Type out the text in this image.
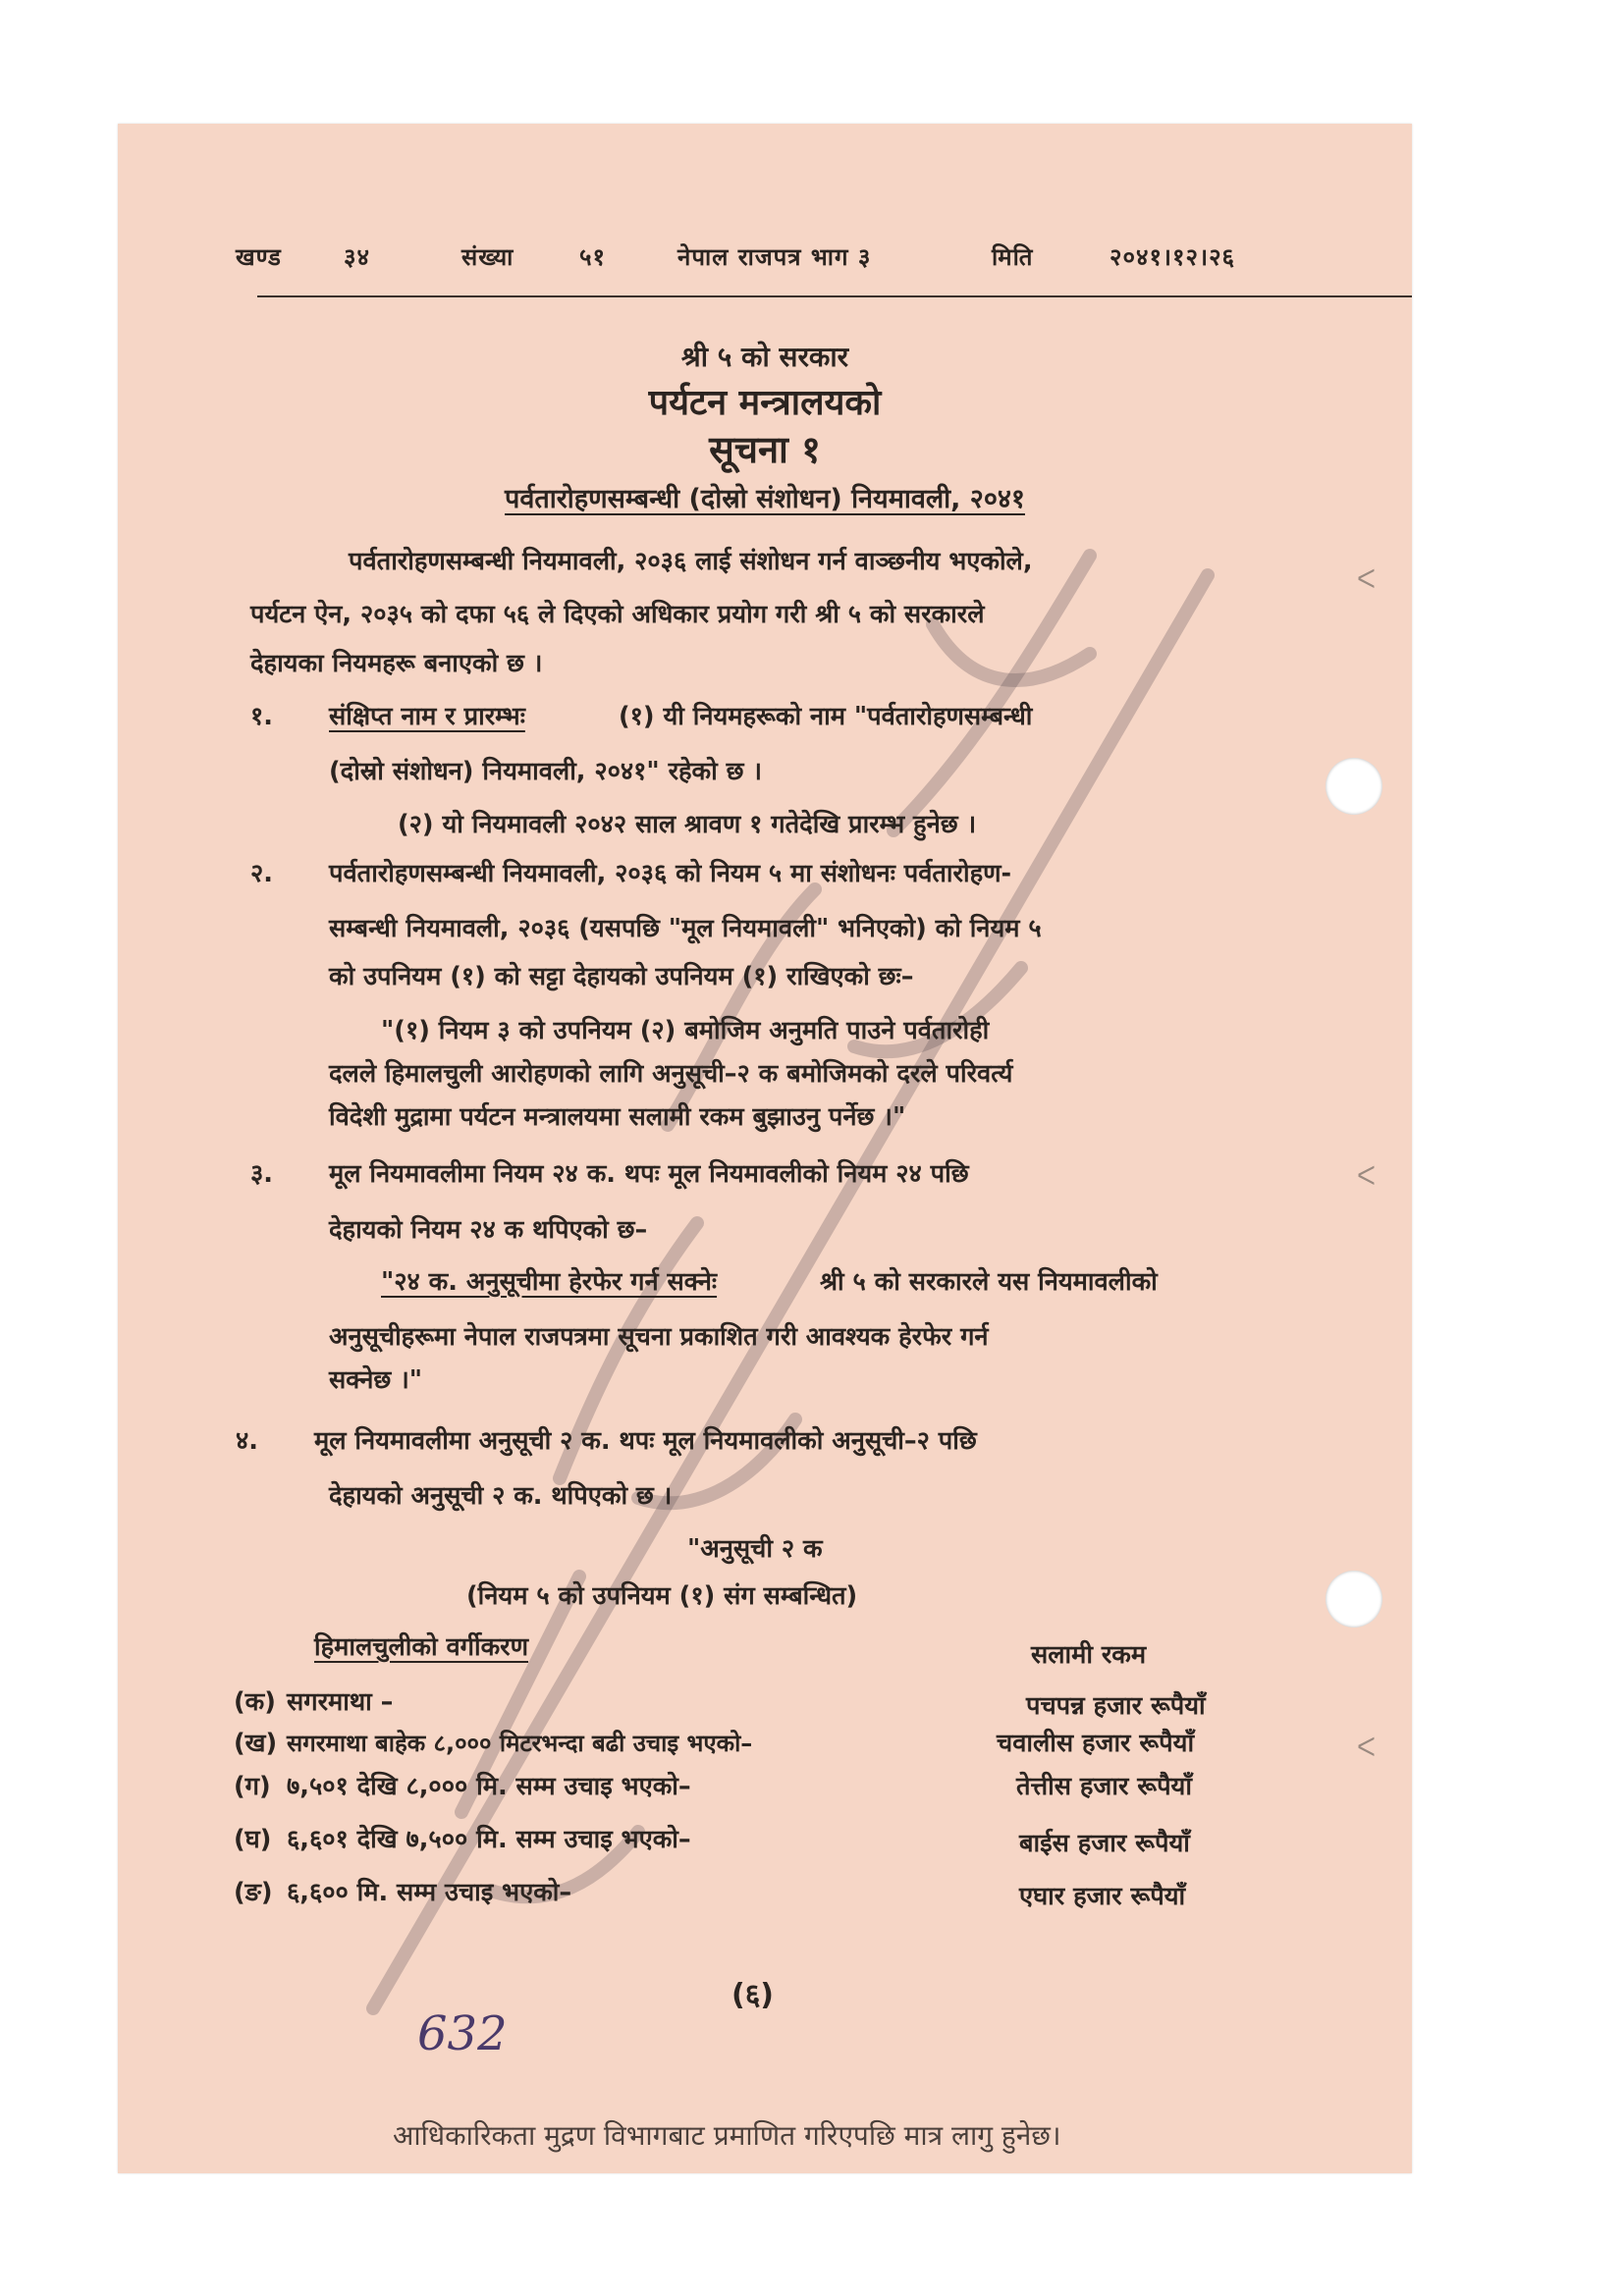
खण्ड	३४	संख्या	५१	नेपाल राजपत्र भाग ३	मिति	२०४१।१२।२६
श्री ५ को सरकार
पर्यटन मन्त्रालयको
सूचना १
पर्वतारोहणसम्बन्धी (दोस्रो संशोधन) नियमावली, २०४१
पर्वतारोहणसम्बन्धी नियमावली, २०३६ लाई संशोधन गर्न वाञ्छनीय भएकोले,
पर्यटन ऐन, २०३५ को दफा ५६ ले दिएको अधिकार प्रयोग गरी श्री ५ को सरकारले
देहायका नियमहरू बनाएको छ ।
१. संक्षिप्त नाम र प्रारम्भः	(१) यी नियमहरूको नाम "पर्वतारोहणसम्बन्धी
(दोस्रो संशोधन) नियमावली, २०४१" रहेको छ ।
(२) यो नियमावली २०४२ साल श्रावण १ गतेदेखि प्रारम्भ हुनेछ ।
२. पर्वतारोहणसम्बन्धी नियमावली, २०३६ को नियम ५ मा संशोधनः पर्वतारोहण-
सम्बन्धी नियमावली, २०३६ (यसपछि "मूल नियमावली" भनिएको) को नियम ५
को उपनियम (१) को सट्टा देहायको उपनियम (१) राखिएको छः–
"(१) नियम ३ को उपनियम (२) बमोजिम अनुमति पाउने पर्वतारोही
दलले हिमालचुली आरोहणको लागि अनुसूची–२ क बमोजिमको दरले परिवर्त्य
विदेशी मुद्रामा पर्यटन मन्त्रालयमा सलामी रकम बुझाउनु पर्नेछ ।"
३. मूल नियमावलीमा नियम २४ क. थपः मूल नियमावलीको नियम २४ पछि
देहायको नियम २४ क थपिएको छ–
"२४ क. अनुसूचीमा हेरफेर गर्न सक्नेः	श्री ५ को सरकारले यस नियमावलीको
अनुसूचीहरूमा नेपाल राजपत्रमा सूचना प्रकाशित गरी आवश्यक हेरफेर गर्न
सक्नेछ ।"
४. मूल नियमावलीमा अनुसूची २ क. थपः मूल नियमावलीको अनुसूची–२ पछि
देहायको अनुसूची २ क. थपिएको छ ।
"अनुसूची २ क
(नियम ५ को उपनियम (१) संग सम्बन्धित)
हिमालचुलीको वर्गीकरण	सलामी रकम
(क) सगरमाथा –	पचपन्न हजार रूपैयाँ
(ख) सगरमाथा बाहेक ८,००० मिटरभन्दा बढी उचाइ भएको–	चवालीस हजार रूपैयाँ
(ग) ७,५०१ देखि ८,००० मि. सम्म उचाइ भएको–	तेत्तीस हजार रूपैयाँ
(घ) ६,६०१ देखि ७,५०० मि. सम्म उचाइ भएको–	बाईस हजार रूपैयाँ
(ङ) ६,६०० मि. सम्म उचाइ भएको–	एघार हजार रूपैयाँ
(६)
632
आधिकारिकता मुद्रण विभागबाट प्रमाणित गरिएपछि मात्र लागु हुनेछ।
ᐸ
ᐸ
ᐸ
